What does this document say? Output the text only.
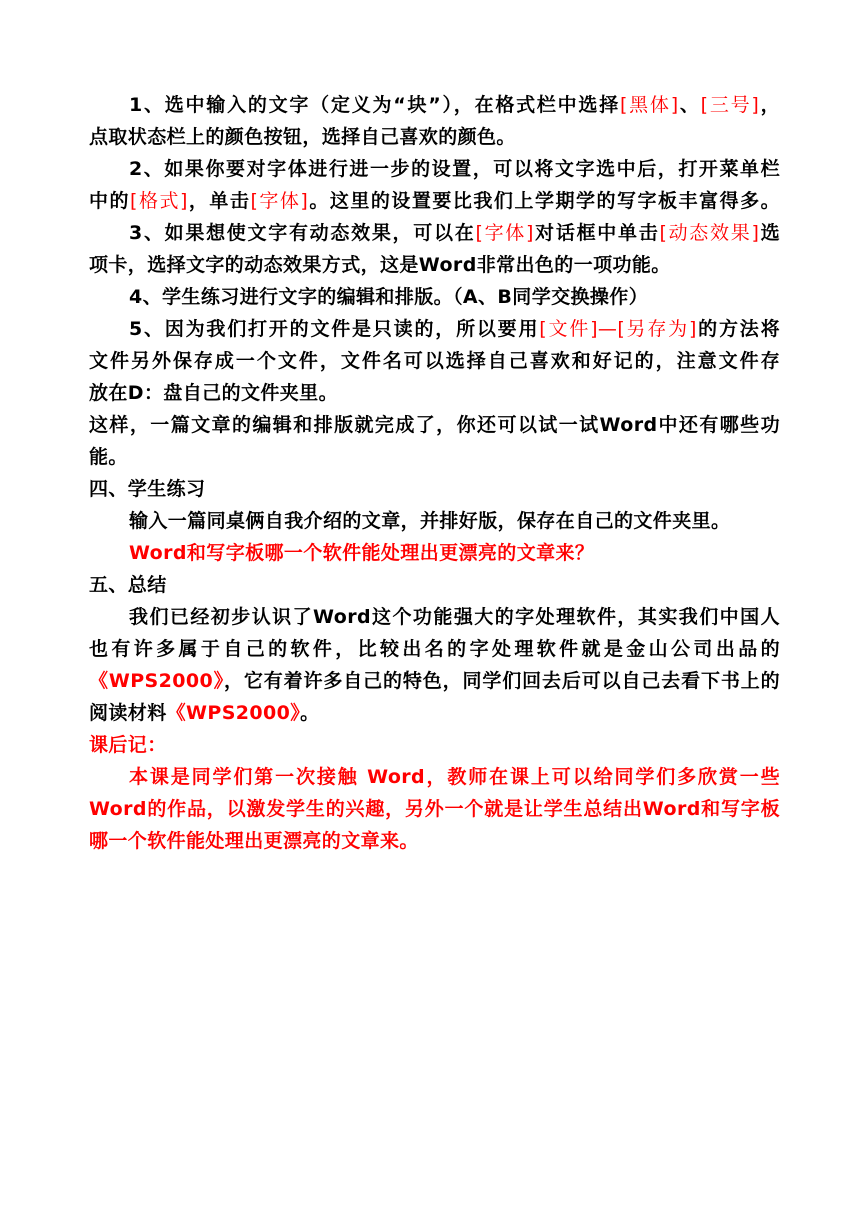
1、选中输入的文字（定义为“块”），在格式栏中选择[黑体]、[三号]，
点取状态栏上的颜色按钮，选择自己喜欢的颜色。
2、如果你要对字体进行进一步的设置，可以将文字选中后，打开菜单栏
中的[格式]，单击[字体]。这里的设置要比我们上学期学的写字板丰富得多。
3、如果想使文字有动态效果，可以在[字体]对话框中单击[动态效果]选
项卡，选择文字的动态效果方式，这是Word非常出色的一项功能。
4、学生练习进行文字的编辑和排版。（A、B同学交换操作）
5、因为我们打开的文件是只读的，所以要用[文件]—[另存为]的方法将
文件另外保存成一个文件，文件名可以选择自己喜欢和好记的，注意文件存
放在D：盘自己的文件夹里。
这样，一篇文章的编辑和排版就完成了，你还可以试一试Word中还有哪些功
能。
四、学生练习
输入一篇同桌俩自我介绍的文章，并排好版，保存在自己的文件夹里。
Word和写字板哪一个软件能处理出更漂亮的文章来？
五、总结
我们已经初步认识了Word这个功能强大的字处理软件，其实我们中国人
也有许多属于自己的软件，比较出名的字处理软件就是金山公司出品的
《WPS2000》，它有着许多自己的特色，同学们回去后可以自己去看下书上的
阅读材料《WPS2000》。
课后记：
本课是同学们第一次接触 Word，教师在课上可以给同学们多欣赏一些
Word的作品，以激发学生的兴趣，另外一个就是让学生总结出Word和写字板
哪一个软件能处理出更漂亮的文章来。
